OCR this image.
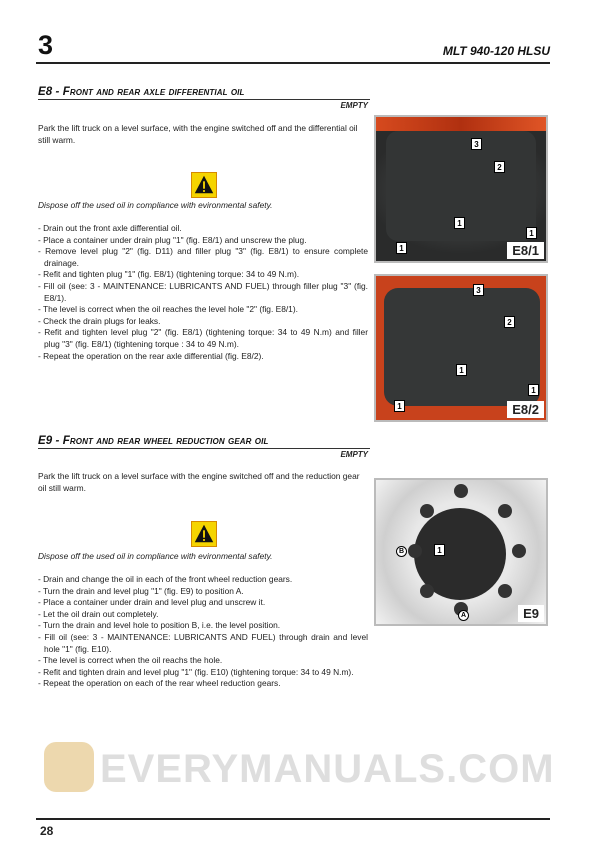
3	MLT 940-120 HLSU
E8 - Front and rear axle differential oil
EMPTY
Park the lift truck on a level surface, with the engine switched off and the differential oil still warm.
Dispose off the used oil in compliance with evironmental safety.
- Drain out the front axle differential oil.
- Place a container under drain plug "1" (fig. E8/1) and unscrew the plug.
- Remove level plug "2" (fig. D11) and filler plug "3" (fig. E8/1) to ensure complete drainage.
- Refit and tighten plug "1" (fig. E8/1) (tightening torque: 34 to 49 N.m).
- Fill oil (see: 3 - MAINTENANCE: LUBRICANTS AND FUEL) through filler plug "3" (fig. E8/1).
- The level is correct when the oil reaches the level hole "2" (fig. E8/1).
- Check the drain plugs for leaks.
- Refit and tighten level plug "2" (fig. E8/1) (tightening torque: 34 to 49 N.m) and filler plug "3" (fig. E8/1) (tightening torque : 34 to 49 N.m).
- Repeat the operation on the rear axle differential (fig. E8/2).
3
2
1
1
1
E8/1
3
2
1
1
1
E8/2
E9 - Front and rear wheel reduction gear oil
EMPTY
Park the lift truck on a level surface with the engine switched off and the reduction gear oil still warm.
Dispose off the used oil in compliance with evironmental safety.
- Drain and change the oil in each of the front wheel reduction gears.
- Turn the drain and level plug "1" (fig. E9) to position A.
- Place a container under drain and level plug and unscrew it.
- Let the oil drain out completely.
- Turn the drain and level hole to position B, i.e. the level position.
- Fill oil (see: 3 - MAINTENANCE: LUBRICANTS AND FUEL) through drain and level hole "1" (fig. E10).
- The level is correct when the oil reachs the hole.
- Refit and tighten drain and level plug "1" (fig. E10) (tightening torque: 34 to 49 N.m).
- Repeat the operation on each of the rear wheel reduction gears.
1
B
A	E9
EVERYMANUALS.COM
28
